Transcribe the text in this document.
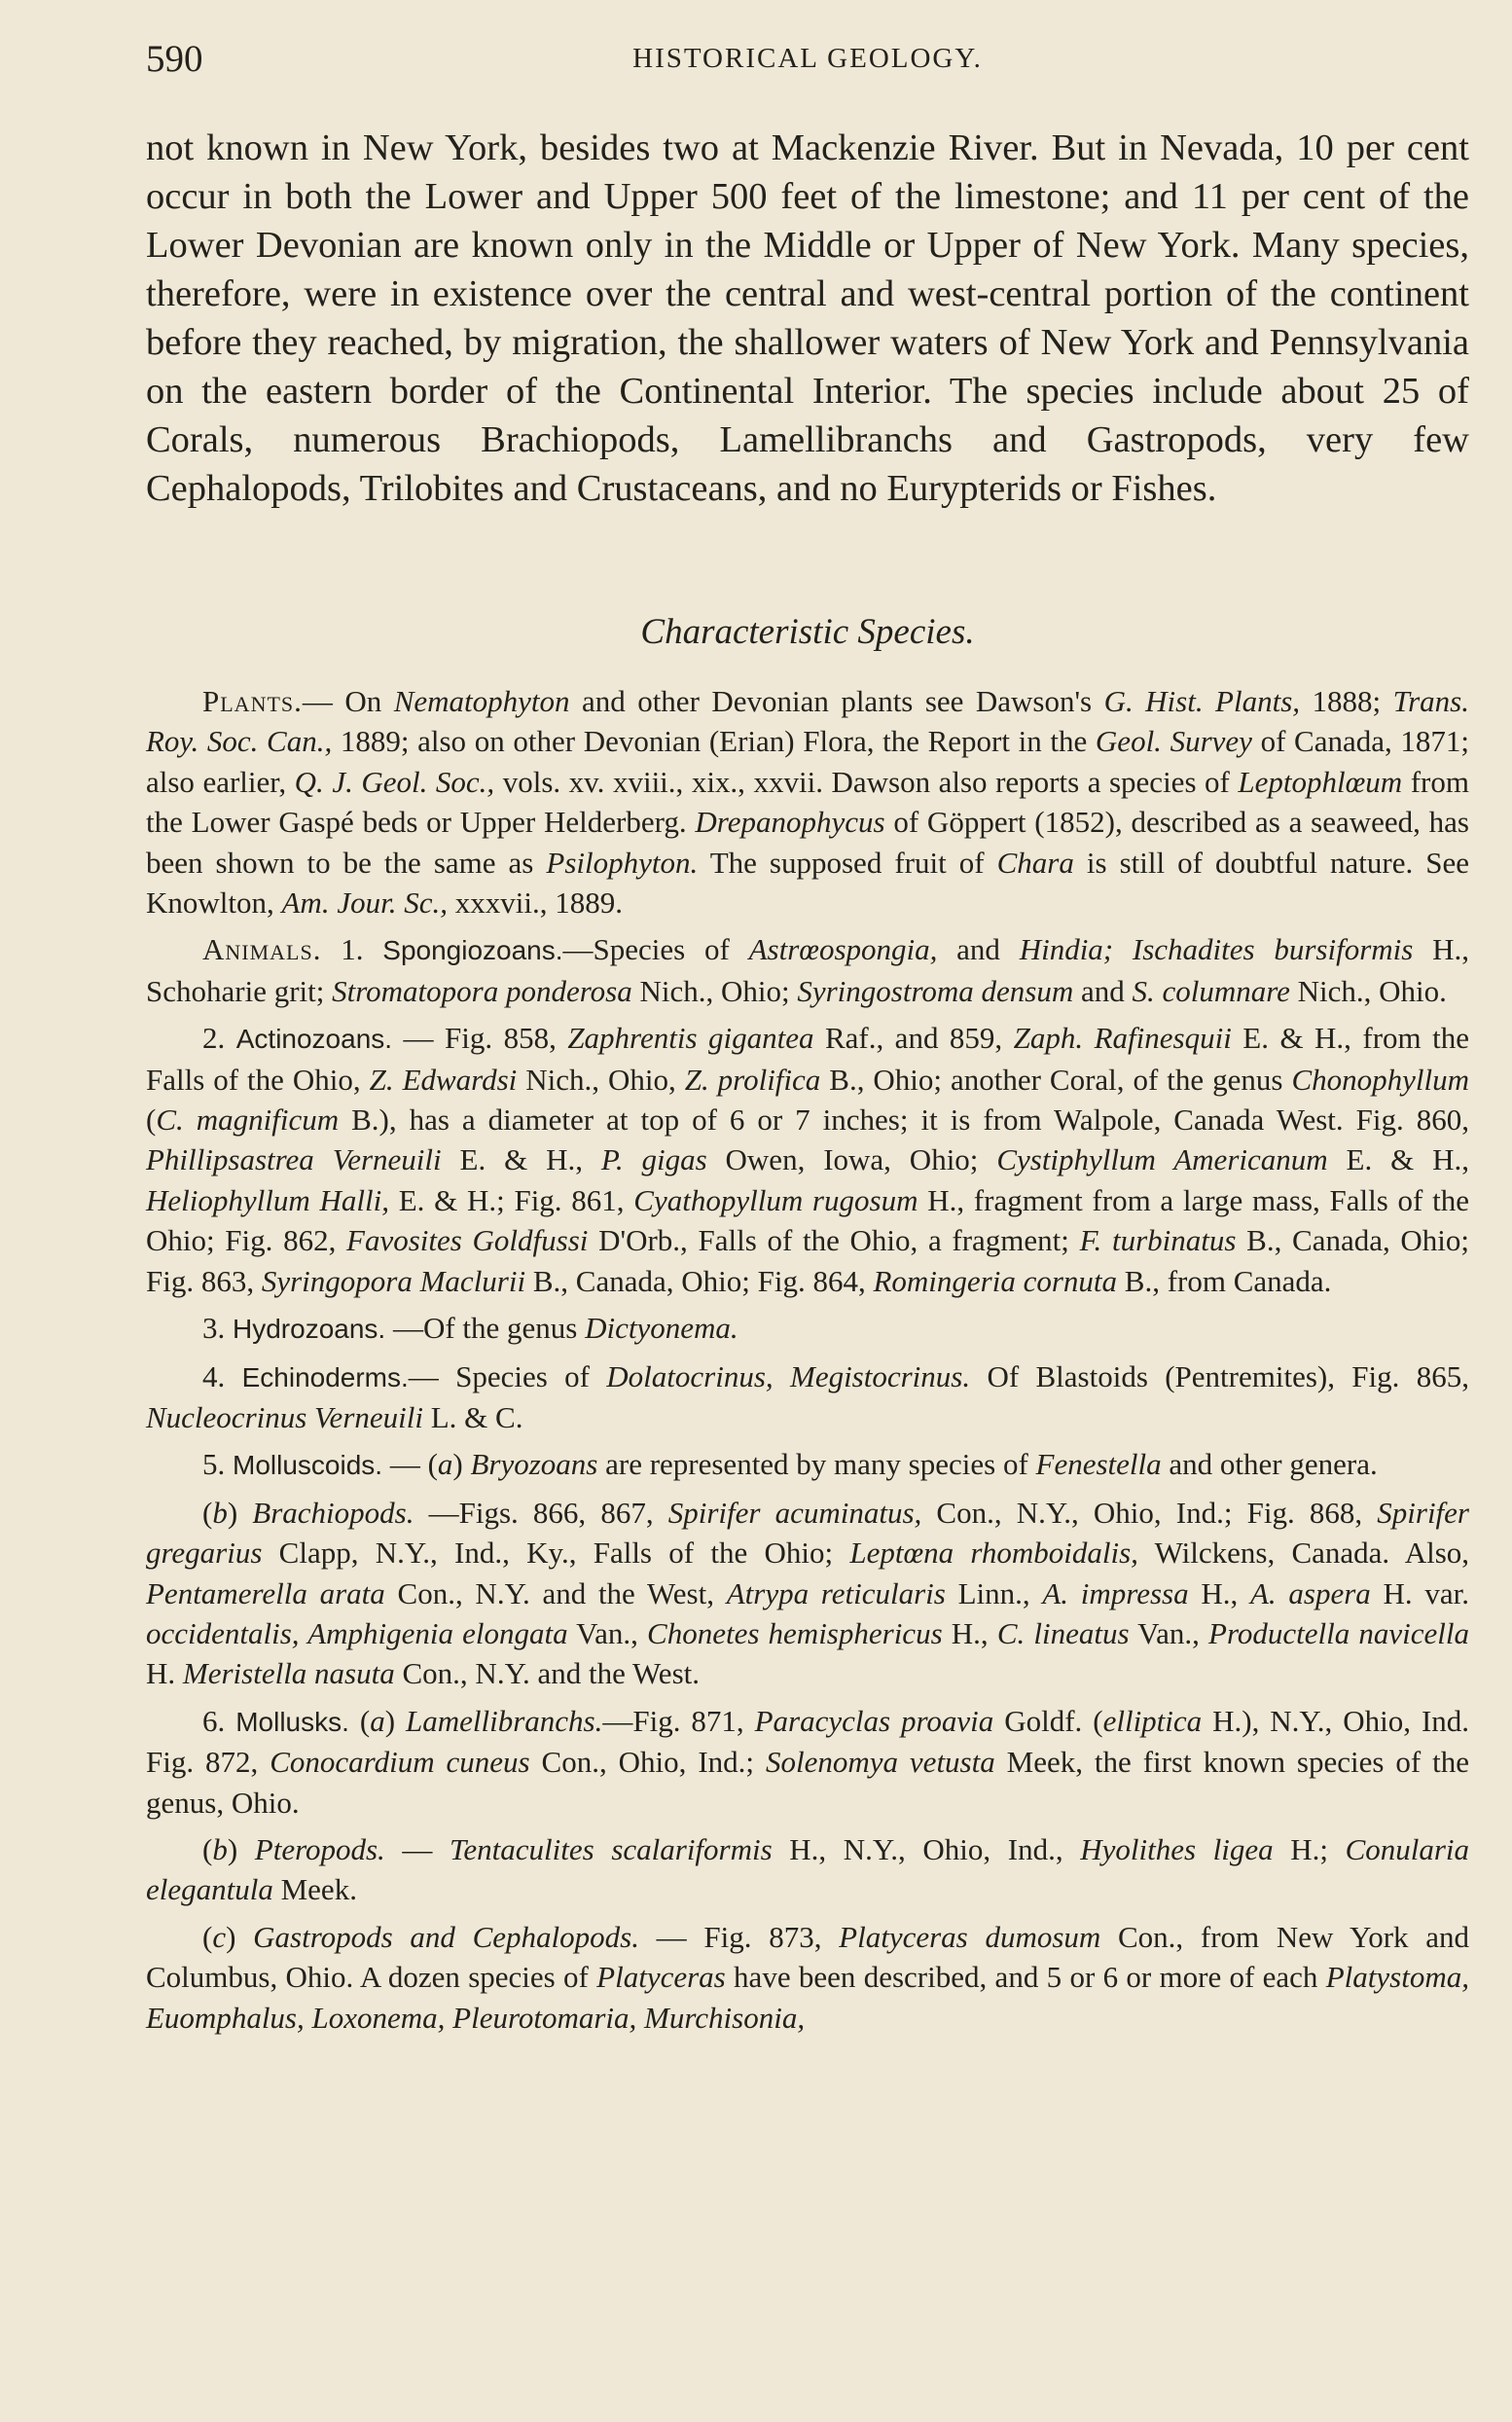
590	HISTORICAL GEOLOGY.

not known in New York, besides two at Mackenzie River. But in Nevada, 10 per cent occur in both the Lower and Upper 500 feet of the limestone; and 11 per cent of the Lower Devonian are known only in the Middle or Upper of New York. Many species, therefore, were in existence over the central and west-central portion of the continent before they reached, by migration, the shallower waters of New York and Pennsylvania on the eastern border of the Continental Interior. The species include about 25 of Corals, numerous Brachiopods, Lamellibranchs and Gastropods, very few Cephalopods, Trilobites and Crustaceans, and no Eurypterids or Fishes.

Characteristic Species.

Plants.— On Nematophyton and other Devonian plants see Dawson's G. Hist. Plants, 1888; Trans. Roy. Soc. Can., 1889; also on other Devonian (Erian) Flora, the Report in the Geol. Survey of Canada, 1871; also earlier, Q. J. Geol. Soc., vols. xv. xviii., xix., xxvii. Dawson also reports a species of Leptophlœum from the Lower Gaspé beds or Upper Helderberg. Drepanophycus of Göppert (1852), described as a seaweed, has been shown to be the same as Psilophyton. The supposed fruit of Chara is still of doubtful nature. See Knowlton, Am. Jour. Sc., xxxvii., 1889.

Animals. 1. Spongiozoans.—Species of Astrœospongia, and Hindia; Ischadites bursiformis H., Schoharie grit; Stromatopora ponderosa Nich., Ohio; Syringostroma densum and S. columnare Nich., Ohio.

2. Actinozoans. — Fig. 858, Zaphrentis gigantea Raf., and 859, Zaph. Rafinesquii E. & H., from the Falls of the Ohio, Z. Edwardsi Nich., Ohio, Z. prolifica B., Ohio; another Coral, of the genus Chonophyllum (C. magnificum B.), has a diameter at top of 6 or 7 inches; it is from Walpole, Canada West. Fig. 860, Phillipsastrea Verneuili E. & H., P. gigas Owen, Iowa, Ohio; Cystiphyllum Americanum E. & H., Heliophyllum Halli, E. & H.; Fig. 861, Cyathopyllum rugosum H., fragment from a large mass, Falls of the Ohio; Fig. 862, Favosites Goldfussi D'Orb., Falls of the Ohio, a fragment; F. turbinatus B., Canada, Ohio; Fig. 863, Syringopora Maclurii B., Canada, Ohio; Fig. 864, Romingeria cornuta B., from Canada.

3. Hydrozoans. —Of the genus Dictyonema.

4. Echinoderms.— Species of Dolatocrinus, Megistocrinus. Of Blastoids (Pentremites), Fig. 865, Nucleocrinus Verneuili L. & C.

5. Molluscoids. — (a) Bryozoans are represented by many species of Fenestella and other genera.

(b) Brachiopods. —Figs. 866, 867, Spirifer acuminatus, Con., N.Y., Ohio, Ind.; Fig. 868, Spirifer gregarius Clapp, N.Y., Ind., Ky., Falls of the Ohio; Leptœna rhomboidalis, Wilckens, Canada. Also, Pentamerella arata Con., N.Y. and the West, Atrypa reticularis Linn., A. impressa H., A. aspera H. var. occidentalis, Amphigenia elongata Van., Chonetes hemisphericus H., C. lineatus Van., Productella navicella H. Meristella nasuta Con., N.Y. and the West.

6. Mollusks. (a) Lamellibranchs.—Fig. 871, Paracyclas proavia Goldf. (elliptica H.), N.Y., Ohio, Ind. Fig. 872, Conocardium cuneus Con., Ohio, Ind.; Solenomya vetusta Meek, the first known species of the genus, Ohio.

(b) Pteropods. — Tentaculites scalariformis H., N.Y., Ohio, Ind., Hyolithes ligea H.; Conularia elegantula Meek.

(c) Gastropods and Cephalopods. — Fig. 873, Platyceras dumosum Con., from New York and Columbus, Ohio. A dozen species of Platyceras have been described, and 5 or 6 or more of each Platystoma, Euomphalus, Loxonema, Pleurotomaria, Murchisonia,
